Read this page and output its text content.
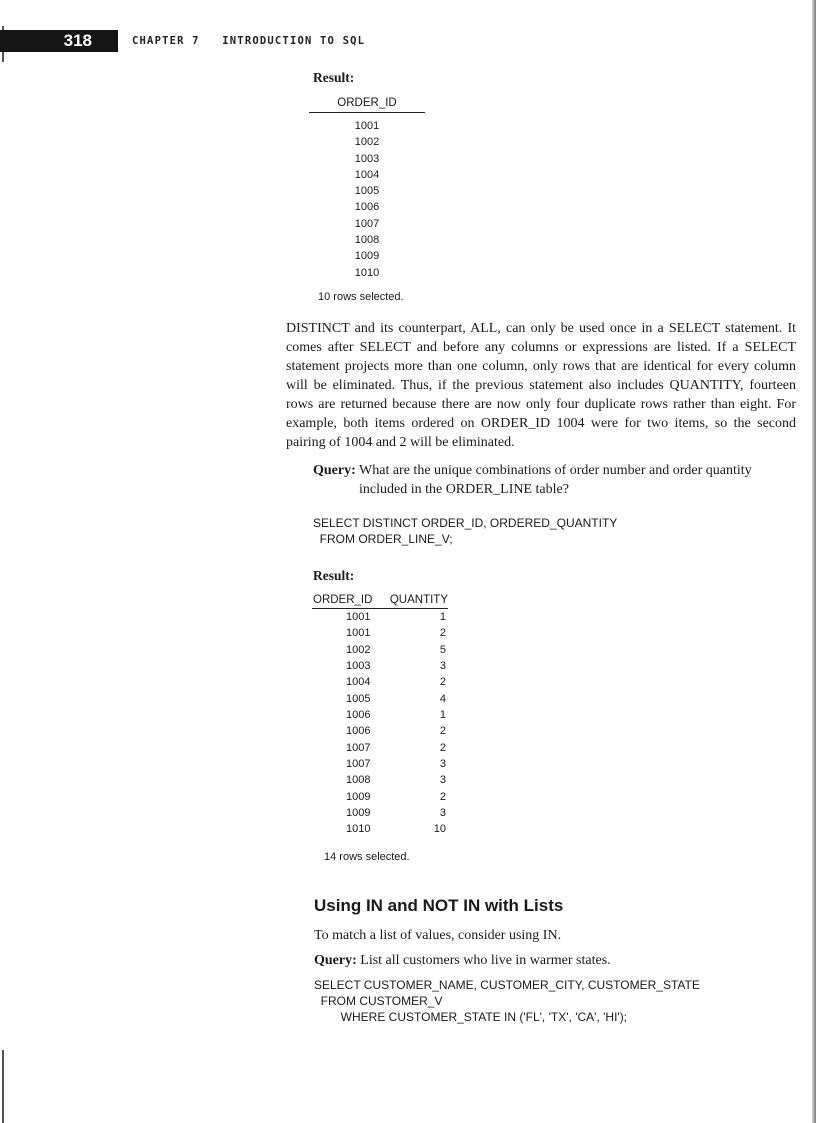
318	CHAPTER 7   INTRODUCTION TO SQL
Result:
ORDER_ID
1001
1002
1003
1004
1005
1006
1007
1008
1009
1010
10 rows selected.
DISTINCT and its counterpart, ALL, can only be used once in a SELECT statement. It comes after SELECT and before any columns or expressions are listed. If a SELECT statement projects more than one column, only rows that are identical for every column will be eliminated. Thus, if the previous statement also includes QUANTITY, fourteen rows are returned because there are now only four duplicate rows rather than eight. For example, both items ordered on ORDER_ID 1004 were for two items, so the second pairing of 1004 and 2 will be eliminated.
Query: What are the unique combinations of order number and order quantity included in the ORDER_LINE table?
SELECT DISTINCT ORDER_ID, ORDERED_QUANTITY
FROM ORDER_LINE_V;
Result:
ORDER_ID	QUANTITY
1001	1
1001	2
1002	5
1003	3
1004	2
1005	4
1006	1
1006	2
1007	2
1007	3
1008	3
1009	2
1009	3
1010	10
14 rows selected.
Using IN and NOT IN with Lists
To match a list of values, consider using IN.
Query: List all customers who live in warmer states.
SELECT CUSTOMER_NAME, CUSTOMER_CITY, CUSTOMER_STATE
FROM CUSTOMER_V
WHERE CUSTOMER_STATE IN ('FL', 'TX', 'CA', 'HI');
